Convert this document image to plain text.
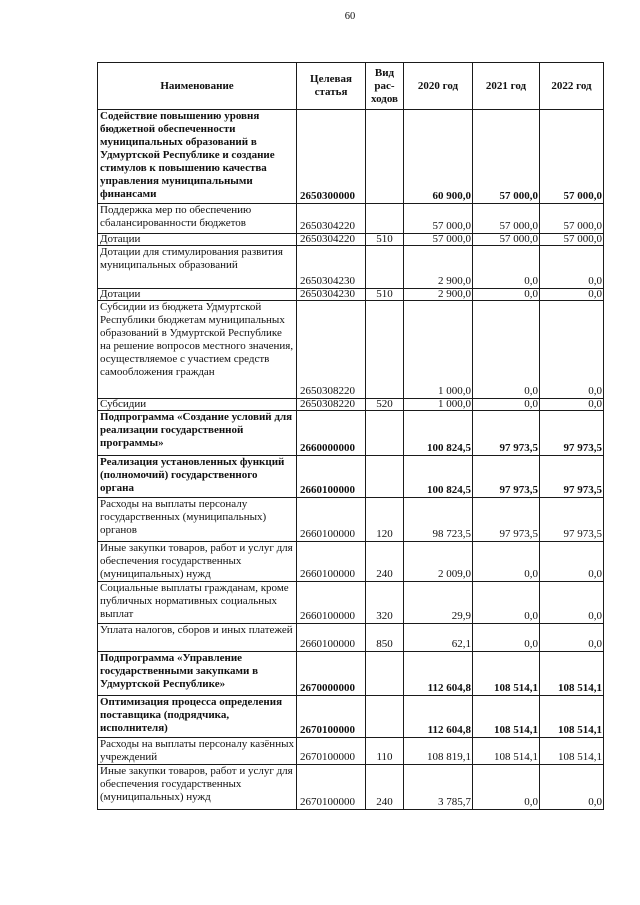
60
Наименование	Целевая статья	Вид рас-ходов	2020 год	2021 год	2022 год
Содействие повышению уровня бюджетной обеспеченности муниципальных образований в Удмуртской Республике и создание стимулов к повышению качества управления муниципальными финансами	2650300000		60 900,0	57 000,0	57 000,0
Поддержка мер по обеспечению сбалансированности бюджетов	2650304220		57 000,0	57 000,0	57 000,0
Дотации	2650304220	510	57 000,0	57 000,0	57 000,0
Дотации для стимулирования развития муниципальных образований	2650304230		2 900,0	0,0	0,0
Дотации	2650304230	510	2 900,0	0,0	0,0
Субсидии из бюджета Удмуртской Республики бюджетам муниципальных образований в Удмуртской Республике на решение вопросов местного значения, осуществляемое с участием средств самообложения граждан	2650308220		1 000,0	0,0	0,0
Субсидии	2650308220	520	1 000,0	0,0	0,0
Подпрограмма «Создание условий для реализации государственной программы»	2660000000		100 824,5	97 973,5	97 973,5
Реализация установленных функций (полномочий) государственного органа	2660100000		100 824,5	97 973,5	97 973,5
Расходы на выплаты персоналу государственных (муниципальных) органов	2660100000	120	98 723,5	97 973,5	97 973,5
Иные закупки товаров, работ и услуг для обеспечения государственных (муниципальных) нужд	2660100000	240	2 009,0	0,0	0,0
Социальные выплаты гражданам, кроме публичных нормативных социальных выплат	2660100000	320	29,9	0,0	0,0
Уплата налогов, сборов и иных платежей	2660100000	850	62,1	0,0	0,0
Подпрограмма «Управление государственными закупками в Удмуртской Республике»	2670000000		112 604,8	108 514,1	108 514,1
Оптимизация процесса определения поставщика (подрядчика, исполнителя)	2670100000		112 604,8	108 514,1	108 514,1
Расходы на выплаты персоналу казённых учреждений	2670100000	110	108 819,1	108 514,1	108 514,1
Иные закупки товаров, работ и услуг для обеспечения государственных (муниципальных) нужд	2670100000	240	3 785,7	0,0	0,0
